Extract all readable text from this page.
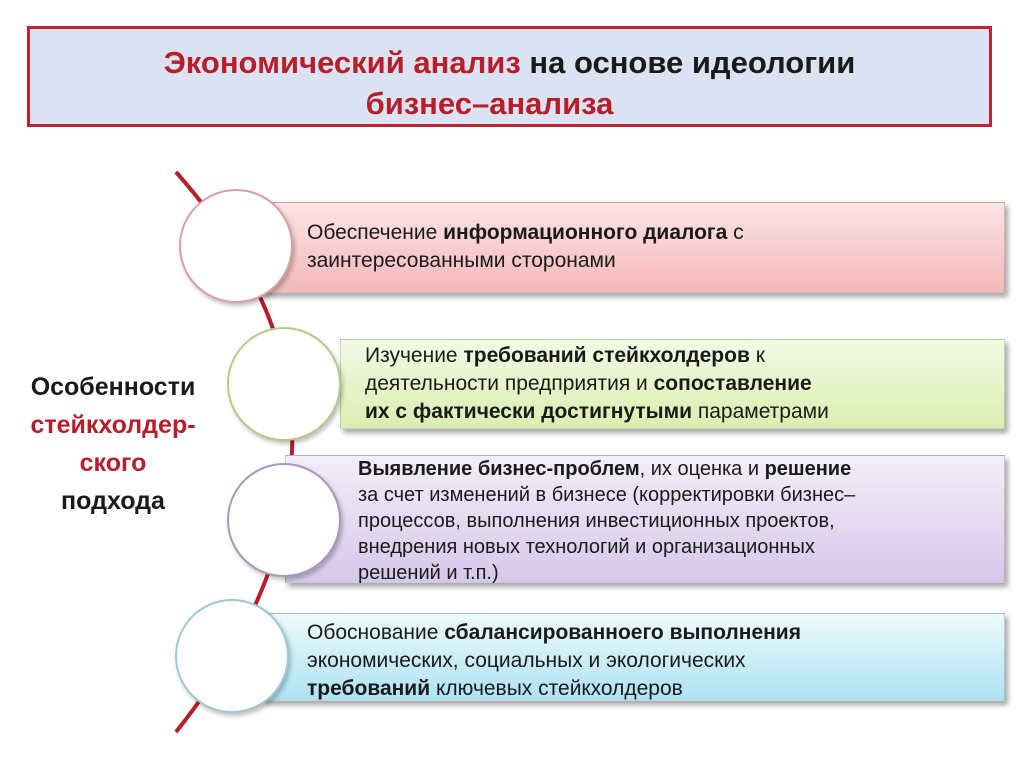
Экономический анализ на основе идеологии
бизнес–анализа
Обеспечение информационного диалога с
заинтересованными сторонами
Изучение требований стейкхолдеров к
деятельности предприятия и сопоставление
их с фактически достигнутыми параметрами
Выявление бизнес-проблем, их оценка и решение
за счет изменений в бизнесе (корректировки бизнес–
процессов, выполнения инвестиционных проектов,
внедрения новых технологий и организационных
решений и т.п.)
Обоснование сбалансированноего выполнения
экономических, социальных и экологических
требований ключевых стейкхолдеров
Особенности
стейкхолдер-
ского
подхода
